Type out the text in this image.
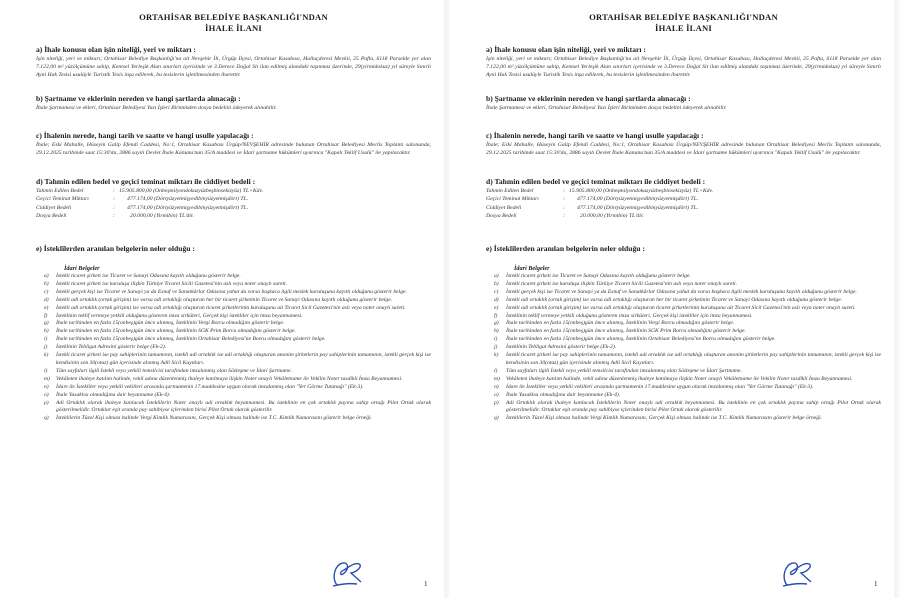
ORTAHİSAR BELEDİYE BAŞKANLIĞI'NDAN
İHALE İLANI
a) İhale konusu olan işin niteliği, yeri ve miktarı :
Işin niteliği, yeri ve miktarı; Ortahisar Belediye Başkanlığı'na ait Nevşehir İli, Ürgüp İlçesi, Ortahisar Kasabası, Hallaçderesi Mevkii, 25 Pafta, 6118 Parselde yer alan 7.122,00 m² yüzölçümüne sahip, Kentsel Yerleşik Alan sınırları içerisinde ve 3.Derece Doğal Sit ilan edilmiş alandaki taşınmaz üzerinde, 29(yirmidokuz) yıl süreyle Sınırlı Ayni Hak Tesisi usulüyle Turistik Tesis inşa edilerek, bu tesislerin işletilmesinden ibarettir.
b) Şartname ve eklerinin nereden ve hangi şartlarda alınacağı :
İhale Şartnamesi ve ekleri, Ortahisar Belediyesi Yazı İşleri Biriminden dosya bedelini ödeyerek alınabilir.
c) İhalenin nerede, hangi tarih ve saatte ve hangi usulle yapılacağı :
İhale; Eski Mahalle, Hüseyin Galip Efendi Caddesi, No:1, Ortahisar Kasabası Ürgüp/NEVŞEHİR adresinde bulunan Ortahisar Belediyesi Meclis Toplantı salonunda, 29.12.2025 tarihinde saat 15:30'da, 2886 sayılı Devlet İhale Kanunu'nun 35/A maddesi ve İdari şartname hükümleri uyarınca "Kapalı Teklif Usulü" ile yapılacaktır.
d) Tahmin edilen bedel ve geçici teminat miktarı ile ciddiyet bedeli :
Tahmin Edilen Bedel	: 15.905.800,00 (Onbeşmilyondokuzyüzbeşbinsekizyüz) TL+Kdv.
Geçici Teminat Miktarı	:	477.174,00 (Dörtyüzyetmişyedibinyüzyetmişdört) TL.
Ciddiyet Bedeli	:	477.174,00 (Dörtyüzyetmişyedibinyüzyetmişdört) TL.
Dosya Bedeli	:	20.000,00 (Yirmibin) TL'dir.
e) İsteklilerden aranılan belgelerin neler olduğu :
İdari Belgeler
a)	İstekli ticaret şirketi ise Ticaret ve Sanayi Odasına kayıtlı olduğunu gösterir belge.
b)	İstekli ticaret şirketi ise kuruluşa ilişkin Türkiye Ticaret Sicili Gazetesi'nin aslı veya noter onaylı sureti.
c)	İstekli gerçek kişi ise Ticaret ve Sanayi ya da Esnaf ve Sanatkârlar Odasına yahut da varsa başkaca ilgili meslek kuruluşuna kayıtlı olduğunu gösterir belge.
d)	İstekli adi ortaklık (ortak girişim) ise varsa adi ortaklığı oluşturan her bir ticaret şirketinin Ticaret ve Sanayi Odasına kayıtlı olduğunu gösterir belge.
e)	İstekli adi ortaklık (ortak girişim) ise varsa adi ortaklığı oluşturan ticaret şirketlerinin kuruluşuna ait Ticaret Sicil Gazetesi'nin aslı veya noter onaylı sureti.
f)	İsteklinin teklif vermeye yetkili olduğunu gösteren imza sirküleri, Gerçek kişi istekliler için imza beyannamesi.
g)	İhale tarihinden en fazla 15(onbeş)gün önce alınmış, İsteklinin Vergi Borcu olmadığını gösterir belge.
h)	İhale tarihinden en fazla 15(onbeş)gün önce alınmış, İsteklinin SGK Prim Borcu olmadığını gösterir belge.
i)	İhale tarihinden en fazla 15(onbeş)gün önce alınmış, İsteklinin Ortahisar Belediyesi'ne Borcu olmadığını gösterir belge.
j)	İsteklinin Tebligat Adresini gösterir belge (Ek-2).
k)	İstekli ticaret şirketi ise pay sahiplerinin tamamının, istekli adi ortaklık ise adi ortaklığı oluşturan anonim şirketlerin pay sahiplerinin tamamının, istekli gerçek kişi ise kendisinin son 30(otuz) gün içerisinde alınmış Adli Sicil Kayıtları.
l)	Tüm sayfaları ilgili İstekli veya yetkili temsilcisi tarafından imzalanmış olan Sözleşme ve İdari Şartname.
m)	Vekâleten ihaleye katılım halinde, vekil adına düzenlenmiş ihaleye katılmaya ilişkin Noter onaylı Vekâletname ile Vekilin Noter tasdikli İmza Beyannamesi.
n)	İdare ile İstekliler veya yetkili vekilleri arasında şartnamenin 17.maddesine uygun olarak imzalanmış olan "Yer Görme Tutanağı" (Ek-3).
o)	İhale Yasaklısı olmadığına dair beyanname (Ek-4).
p)	Adi Ortaklık olarak ihaleye katılacak İsteklilerin Noter onaylı adi ortaklık beyannamesi. Bu isteklinin en çok ortaklık payına sahip ortağı Pilot Ortak olarak gösterilmelidir. Ortaklar eşit oranda pay sahibiyse içlerinden birisi Pilot Ortak olarak gösterilir.
q)	İsteklilerin Tüzel Kişi olması halinde Vergi Kimlik Numarasını, Gerçek Kişi olması halinde ise T.C. Kimlik Numarasını gösterir belge örneği.
1
ORTAHİSAR BELEDİYE BAŞKANLIĞI'NDAN
İHALE İLANI
a) İhale konusu olan işin niteliği, yeri ve miktarı :
Işin niteliği, yeri ve miktarı; Ortahisar Belediye Başkanlığı'na ait Nevşehir İli, Ürgüp İlçesi, Ortahisar Kasabası, Hallaçderesi Mevkii, 25 Pafta, 6118 Parselde yer alan 7.122,00 m² yüzölçümüne sahip, Kentsel Yerleşik Alan sınırları içerisinde ve 3.Derece Doğal Sit ilan edilmiş alandaki taşınmaz üzerinde, 29(yirmidokuz) yıl süreyle Sınırlı Ayni Hak Tesisi usulüyle Turistik Tesis inşa edilerek, bu tesislerin işletilmesinden ibarettir.
b) Şartname ve eklerinin nereden ve hangi şartlarda alınacağı :
İhale Şartnamesi ve ekleri, Ortahisar Belediyesi Yazı İşleri Biriminden dosya bedelini ödeyerek alınabilir.
c) İhalenin nerede, hangi tarih ve saatte ve hangi usulle yapılacağı :
İhale; Eski Mahalle, Hüseyin Galip Efendi Caddesi, No:1, Ortahisar Kasabası Ürgüp/NEVŞEHİR adresinde bulunan Ortahisar Belediyesi Meclis Toplantı salonunda, 29.12.2025 tarihinde saat 15:30'da, 2886 sayılı Devlet İhale Kanunu'nun 35/A maddesi ve İdari şartname hükümleri uyarınca "Kapalı Teklif Usulü" ile yapılacaktır.
d) Tahmin edilen bedel ve geçici teminat miktarı ile ciddiyet bedeli :
Tahmin Edilen Bedel	: 15.905.800,00 (Onbeşmilyondokuzyüzbeşbinsekizyüz) TL+Kdv.
Geçici Teminat Miktarı	:	477.174,00 (Dörtyüzyetmişyedibinyüzyetmişdört) TL.
Ciddiyet Bedeli	:	477.174,00 (Dörtyüzyetmişyedibinyüzyetmişdört) TL.
Dosya Bedeli	:	20.000,00 (Yirmibin) TL'dir.
e) İsteklilerden aranılan belgelerin neler olduğu :
İdari Belgeler
a)	İstekli ticaret şirketi ise Ticaret ve Sanayi Odasına kayıtlı olduğunu gösterir belge.
b)	İstekli ticaret şirketi ise kuruluşa ilişkin Türkiye Ticaret Sicili Gazetesi'nin aslı veya noter onaylı sureti.
c)	İstekli gerçek kişi ise Ticaret ve Sanayi ya da Esnaf ve Sanatkârlar Odasına yahut da varsa başkaca ilgili meslek kuruluşuna kayıtlı olduğunu gösterir belge.
d)	İstekli adi ortaklık (ortak girişim) ise varsa adi ortaklığı oluşturan her bir ticaret şirketinin Ticaret ve Sanayi Odasına kayıtlı olduğunu gösterir belge.
e)	İstekli adi ortaklık (ortak girişim) ise varsa adi ortaklığı oluşturan ticaret şirketlerinin kuruluşuna ait Ticaret Sicil Gazetesi'nin aslı veya noter onaylı sureti.
f)	İsteklinin teklif vermeye yetkili olduğunu gösteren imza sirküleri, Gerçek kişi istekliler için imza beyannamesi.
g)	İhale tarihinden en fazla 15(onbeş)gün önce alınmış, İsteklinin Vergi Borcu olmadığını gösterir belge.
h)	İhale tarihinden en fazla 15(onbeş)gün önce alınmış, İsteklinin SGK Prim Borcu olmadığını gösterir belge.
i)	İhale tarihinden en fazla 15(onbeş)gün önce alınmış, İsteklinin Ortahisar Belediyesi'ne Borcu olmadığını gösterir belge.
j)	İsteklinin Tebligat Adresini gösterir belge (Ek-2).
k)	İstekli ticaret şirketi ise pay sahiplerinin tamamının, istekli adi ortaklık ise adi ortaklığı oluşturan anonim şirketlerin pay sahiplerinin tamamının, istekli gerçek kişi ise kendisinin son 30(otuz) gün içerisinde alınmış Adli Sicil Kayıtları.
l)	Tüm sayfaları ilgili İstekli veya yetkili temsilcisi tarafından imzalanmış olan Sözleşme ve İdari Şartname.
m)	Vekâleten ihaleye katılım halinde, vekil adına düzenlenmiş ihaleye katılmaya ilişkin Noter onaylı Vekâletname ile Vekilin Noter tasdikli İmza Beyannamesi.
n)	İdare ile İstekliler veya yetkili vekilleri arasında şartnamenin 17.maddesine uygun olarak imzalanmış olan "Yer Görme Tutanağı" (Ek-3).
o)	İhale Yasaklısı olmadığına dair beyanname (Ek-4).
p)	Adi Ortaklık olarak ihaleye katılacak İsteklilerin Noter onaylı adi ortaklık beyannamesi. Bu isteklinin en çok ortaklık payına sahip ortağı Pilot Ortak olarak gösterilmelidir. Ortaklar eşit oranda pay sahibiyse içlerinden birisi Pilot Ortak olarak gösterilir.
q)	İsteklilerin Tüzel Kişi olması halinde Vergi Kimlik Numarasını, Gerçek Kişi olması halinde ise T.C. Kimlik Numarasını gösterir belge örneği.
1
